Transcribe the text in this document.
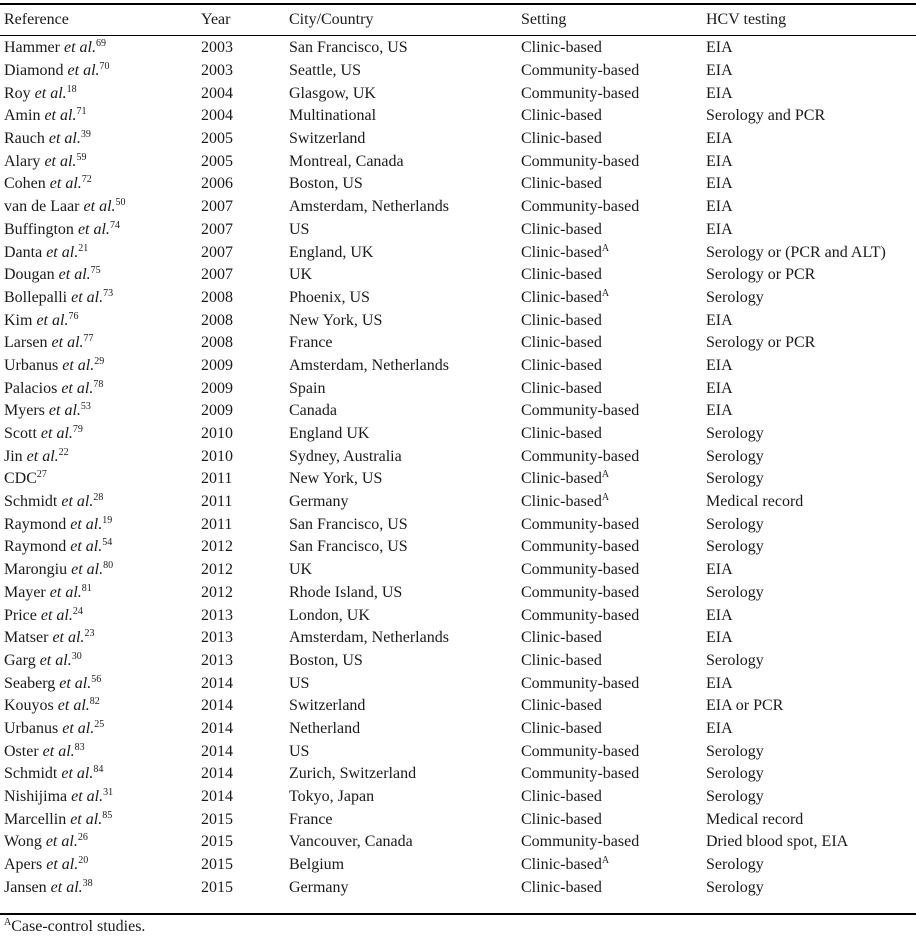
Reference	Year	City/Country	Setting	HCV testing
Hammer et al.$^{69}$	2003	San Francisco, US	Clinic-based	EIA
Diamond et al.$^{70}$	2003	Seattle, US	Community-based	EIA
Roy et al.$^{18}$	2004	Glasgow, UK	Community-based	EIA
Amin et al.$^{71}$	2004	Multinational	Clinic-based	Serology and PCR
Rauch et al.$^{39}$	2005	Switzerland	Clinic-based	EIA
Alary et al.$^{59}$	2005	Montreal, Canada	Community-based	EIA
Cohen et al.$^{72}$	2006	Boston, US	Clinic-based	EIA
van de Laar et al.$^{50}$	2007	Amsterdam, Netherlands	Community-based	EIA
Buffington et al.$^{74}$	2007	US	Clinic-based	EIA
Danta et al.$^{21}$	2007	England, UK	Clinic-based$^A$	Serology or (PCR and ALT)
Dougan et al.$^{75}$	2007	UK	Clinic-based	Serology or PCR
Bollepalli et al.$^{73}$	2008	Phoenix, US	Clinic-based$^A$	Serology
Kim et al.$^{76}$	2008	New York, US	Clinic-based	EIA
Larsen et al.$^{77}$	2008	France	Clinic-based	Serology or PCR
Urbanus et al.$^{29}$	2009	Amsterdam, Netherlands	Clinic-based	EIA
Palacios et al.$^{78}$	2009	Spain	Clinic-based	EIA
Myers et al.$^{53}$	2009	Canada	Community-based	EIA
Scott et al.$^{79}$	2010	England UK	Clinic-based	Serology
Jin et al.$^{22}$	2010	Sydney, Australia	Community-based	Serology
CDC$^{27}$	2011	New York, US	Clinic-based$^A$	Serology
Schmidt et al.$^{28}$	2011	Germany	Clinic-based$^A$	Medical record
Raymond et al.$^{19}$	2011	San Francisco, US	Community-based	Serology
Raymond et al.$^{54}$	2012	San Francisco, US	Community-based	Serology
Marongiu et al.$^{80}$	2012	UK	Community-based	EIA
Mayer et al.$^{81}$	2012	Rhode Island, US	Community-based	Serology
Price et al.$^{24}$	2013	London, UK	Community-based	EIA
Matser et al.$^{23}$	2013	Amsterdam, Netherlands	Clinic-based	EIA
Garg et al.$^{30}$	2013	Boston, US	Clinic-based	Serology
Seaberg et al.$^{56}$	2014	US	Community-based	EIA
Kouyos et al.$^{82}$	2014	Switzerland	Clinic-based	EIA or PCR
Urbanus et al.$^{25}$	2014	Netherland	Clinic-based	EIA
Oster et al.$^{83}$	2014	US	Community-based	Serology
Schmidt et al.$^{84}$	2014	Zurich, Switzerland	Community-based	Serology
Nishijima et al.$^{31}$	2014	Tokyo, Japan	Clinic-based	Serology
Marcellin et al.$^{85}$	2015	France	Clinic-based	Medical record
Wong et al.$^{26}$	2015	Vancouver, Canada	Community-based	Dried blood spot, EIA
Apers et al.$^{20}$	2015	Belgium	Clinic-based$^A$	Serology
Jansen et al.$^{38}$	2015	Germany	Clinic-based	Serology
$^A$Case-control studies.
